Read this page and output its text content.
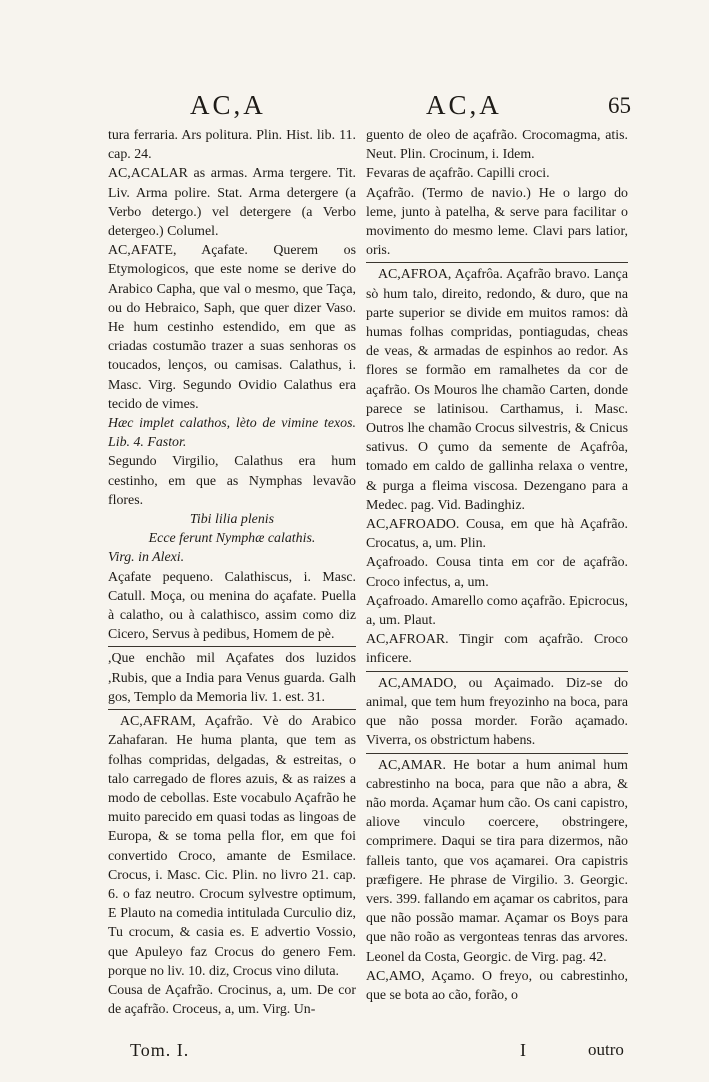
AC,A	AC,A	65

tura ferraria. Ars politura. Plin. Hist. lib. 11. cap. 24.

AC,ACALAR as armas. Arma tergere. Tit. Liv. Arma polire. Stat. Arma detergere (a Verbo detergo.) vel detergere (a Verbo detergeo.) Columel.

AC,AFATE, Açafate. Querem os Etymologicos, que este nome se derive do Arabico Capha, que val o mesmo, que Taça, ou do Hebraico, Saph, que quer dizer Vaso. He hum cestinho estendido, em que as criadas costumão trazer a suas senhoras os toucados, lenços, ou camisas. Calathus, i. Masc. Virg. Segundo Ovidio Calathus era tecido de vimes.

Hæc implet calathos, lèto de vimine texos. Lib. 4. Fastor.

Segundo Virgilio, Calathus era hum cestinho, em que as Nymphas levavão flores.

Tibi lilia plenis

Ecce ferunt Nymphæ calathis.

Virg. in Alexi.

Açafate pequeno. Calathiscus, i. Masc. Catull. Moça, ou menina do açafate. Puella à calatho, ou à calathisco, assim como diz Cicero, Servus à pedibus, Homem de pè.

,Que enchão mil Açafates dos luzidos ,Rubis, que a India para Venus guarda. Galh gos, Templo da Memoria liv. 1. est. 31.

AC,AFRAM, Açafrão. Vè do Arabico Zahafaran. He huma planta, que tem as folhas compridas, delgadas, & estreitas, o talo carregado de flores azuis, & as raizes a modo de cebollas. Este vocabulo Açafrão he muito parecido em quasi todas as lingoas de Europa, & se toma pella flor, em que foi convertido Croco, amante de Esmilace. Crocus, i. Masc. Cic. Plin. no livro 21. cap. 6. o faz neutro. Crocum sylvestre optimum, E Plauto na comedia intitulada Curculio diz, Tu crocum, & casia es. E advertio Vossio, que Apuleyo faz Crocus do genero Fem. porque no liv. 10. diz, Crocus vino diluta.

Cousa de Açafrão. Crocinus, a, um. De cor de açafrão. Croceus, a, um. Virg. Un-

guento de oleo de açafrão. Crocomagma, atis. Neut. Plin. Crocinum, i. Idem.

Fevaras de açafrão. Capilli croci.

Açafrão. (Termo de navio.) He o largo do leme, junto à patelha, & serve para facilitar o movimento do mesmo leme. Clavi pars latior, oris.

AC,AFROA, Açafrôa. Açafrão bravo. Lança sò hum talo, direito, redondo, & duro, que na parte superior se divide em muitos ramos: dà humas folhas compridas, pontiagudas, cheas de veas, & armadas de espinhos ao redor. As flores se formão em ramalhetes da cor de açafrão. Os Mouros lhe chamão Carten, donde parece se latinisou. Carthamus, i. Masc. Outros lhe chamão Crocus silvestris, & Cnicus sativus. O çumo da semente de Açafrôa, tomado em caldo de gallinha relaxa o ventre, & purga a fleima viscosa. Dezengano para a Medec. pag. Vid. Badinghiz.

AC,AFROADO. Cousa, em que hà Açafrão. Crocatus, a, um. Plin.

Açafroado. Cousa tinta em cor de açafrão. Croco infectus, a, um.

Açafroado. Amarello como açafrão. Epicrocus, a, um. Plaut.

AC,AFROAR. Tingir com açafrão. Croco inficere.

AC,AMADO, ou Açaimado. Diz-se do animal, que tem hum freyozinho na boca, para que não possa morder. Forão açamado. Viverra, os obstrictum habens.

AC,AMAR. He botar a hum animal hum cabrestinho na boca, para que não a abra, & não morda. Açamar hum cão. Os cani capistro, aliove vinculo coercere, obstringere, comprimere. Daqui se tira para dizermos, não falleis tanto, que vos açamarei. Ora capistris præfigere. He phrase de Virgilio. 3. Georgic. vers. 399. fallando em açamar os cabritos, para que não possão mamar. Açamar os Boys para que não roão as vergonteas tenras das arvores. Leonel da Costa, Georgic. de Virg. pag. 42.

AC,AMO, Açamo. O freyo, ou cabrestinho, que se bota ao cão, forão, o

Tom. I.	I	outro
